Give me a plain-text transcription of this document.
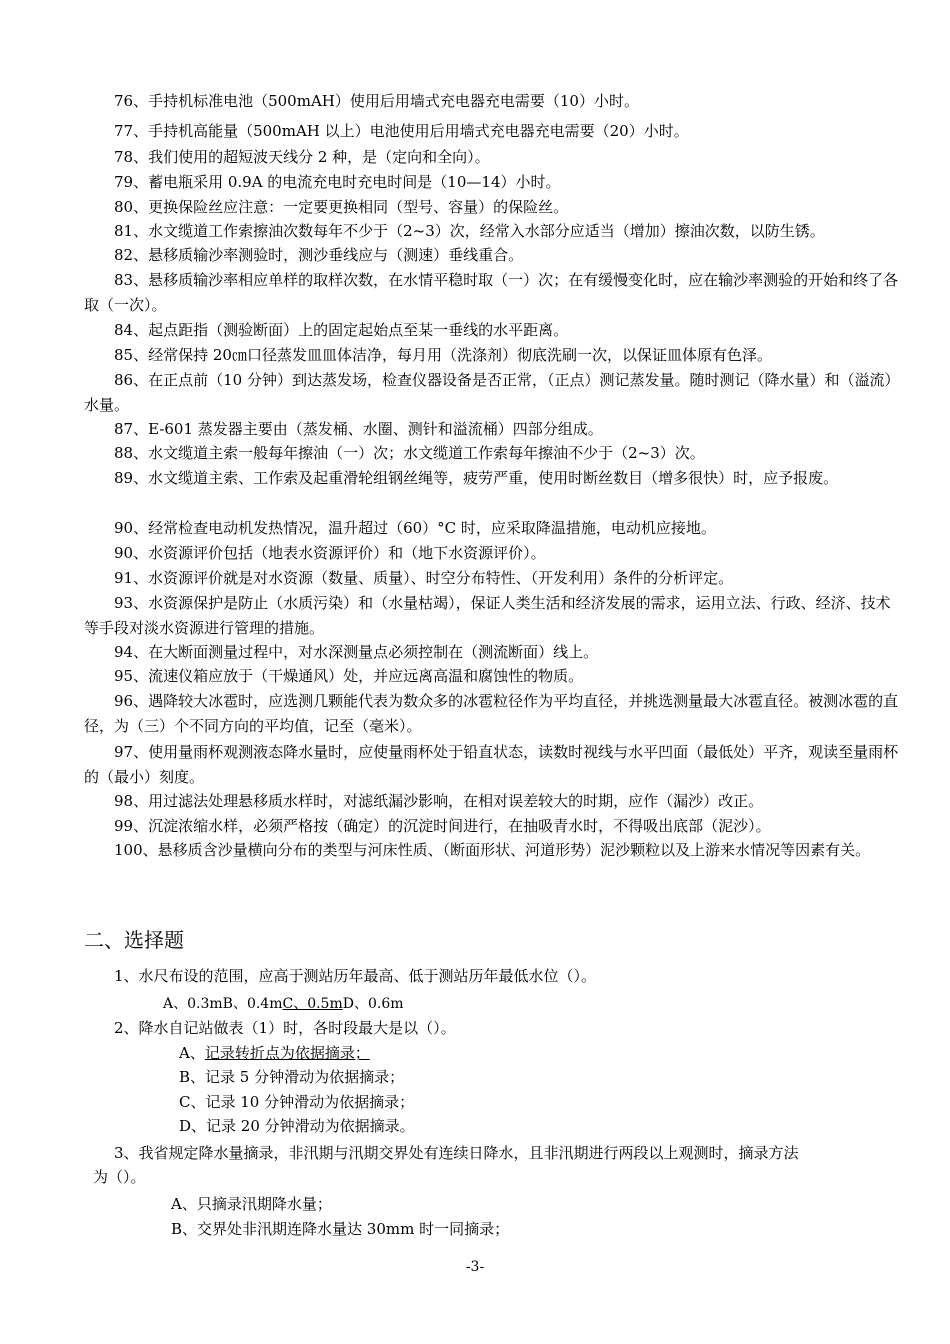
76、手持机标准电池（500mAH）使用后用墙式充电器充电需要（10）小时。
77、手持机高能量（500mAH 以上）电池使用后用墙式充电器充电需要（20）小时。
78、我们使用的超短波天线分 2 种，是（定向和全向）。
79、蓄电瓶采用 0.9A 的电流充电时充电时间是（10—14）小时。
80、更换保险丝应注意：一定要更换相同（型号、容量）的保险丝。
81、水文缆道工作索擦油次数每年不少于（2~3）次，经常入水部分应适当（增加）擦油次数，以防生锈。
82、悬移质输沙率测验时，测沙垂线应与（测速）垂线重合。
83、悬移质输沙率相应单样的取样次数，在水情平稳时取（一）次；在有缓慢变化时，应在输沙率测验的开始和终了各取（一次）。
84、起点距指（测验断面）上的固定起始点至某一垂线的水平距离。
85、经常保持 20㎝口径蒸发皿皿体洁净，每月用（洗涤剂）彻底洗刷一次，以保证皿体原有色泽。
86、在正点前（10 分钟）到达蒸发场，检查仪器设备是否正常，（正点）测记蒸发量。随时测记（降水量）和（溢流）水量。
87、E-601 蒸发器主要由（蒸发桶、水圈、测针和溢流桶）四部分组成。
88、水文缆道主索一般每年擦油（一）次；水文缆道工作索每年擦油不少于（2~3）次。
89、水文缆道主索、工作索及起重滑轮组钢丝绳等，疲劳严重，使用时断丝数目（增多很快）时，应予报废。
90、经常检查电动机发热情况，温升超过（60）°C 时，应采取降温措施，电动机应接地。
90、水资源评价包括（地表水资源评价）和（地下水资源评价）。
91、水资源评价就是对水资源（数量、质量）、时空分布特性、（开发利用）条件的分析评定。
93、水资源保护是防止（水质污染）和（水量枯竭），保证人类生活和经济发展的需求，运用立法、行政、经济、技术等手段对淡水资源进行管理的措施。
94、在大断面测量过程中，对水深测量点必须控制在（测流断面）线上。
95、流速仪箱应放于（干燥通风）处，并应远离高温和腐蚀性的物质。
96、遇降较大冰雹时，应选测几颗能代表为数众多的冰雹粒径作为平均直径，并挑选测量最大冰雹直径。被测冰雹的直径，为（三）个不同方向的平均值，记至（毫米）。
97、使用量雨杯观测液态降水量时，应使量雨杯处于铅直状态，读数时视线与水平凹面（最低处）平齐，观读至量雨杯的（最小）刻度。
98、用过滤法处理悬移质水样时，对滤纸漏沙影响，在相对误差较大的时期，应作（漏沙）改正。
99、沉淀浓缩水样，必须严格按（确定）的沉淀时间进行，在抽吸青水时，不得吸出底部（泥沙）。
100、悬移质含沙量横向分布的类型与河床性质、（断面形状、河道形势）泥沙颗粒以及上游来水情况等因素有关。
二、选择题
1、水尺布设的范围，应高于测站历年最高、低于测站历年最低水位（）。
A、0.3mB、0.4mC、0.5mD、0.6m
2、降水自记站做表（1）时，各时段最大是以（）。
A、记录转折点为依据摘录；
B、记录 5 分钟滑动为依据摘录；
C、记录 10 分钟滑动为依据摘录；
D、记录 20 分钟滑动为依据摘录。
3、我省规定降水量摘录，非汛期与汛期交界处有连续日降水，且非汛期进行两段以上观测时，摘录方法
为（）。
A、只摘录汛期降水量；
B、交界处非汛期连降水量达 30mm 时一同摘录；
-3-
